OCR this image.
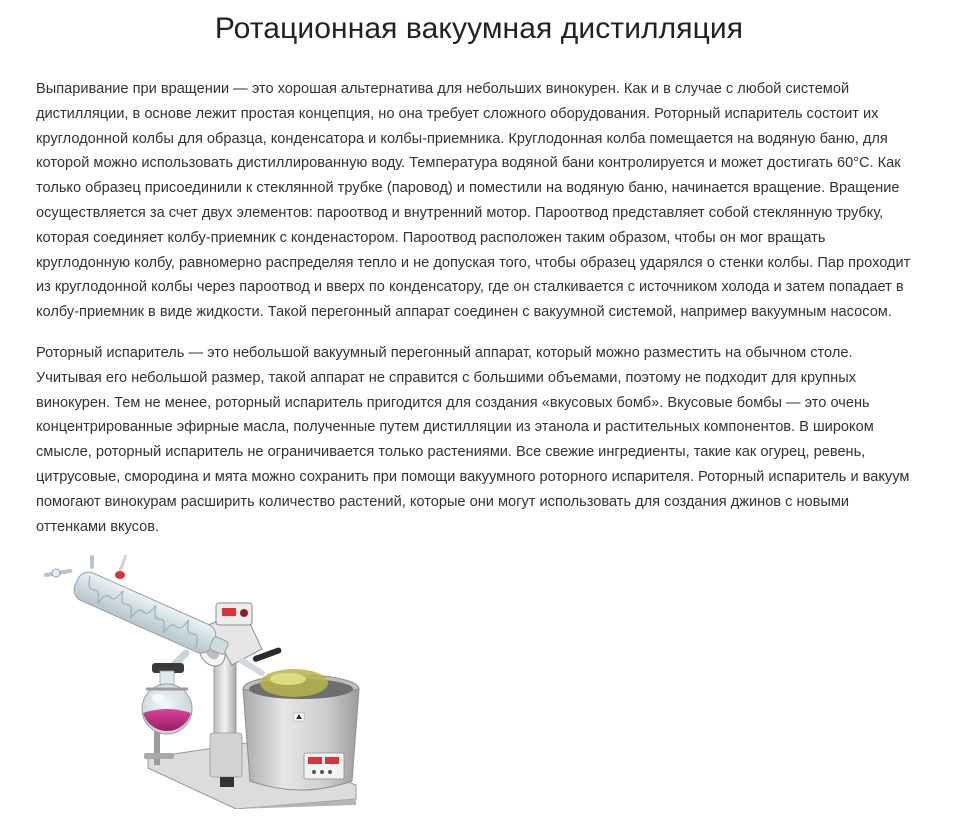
Ротационная вакуумная дистилляция

Выпаривание при вращении — это хорошая альтернатива для небольших винокурен. Как и в случае с любой системой дистилляции, в основе лежит простая концепция, но она требует сложного оборудования. Роторный испаритель состоит их круглодонной колбы для образца, конденсатора и колбы-приемника. Круглодонная колба помещается на водяную баню, для которой можно использовать дистиллированную воду. Температура водяной бани контролируется и может достигать 60°С. Как только образец присоединили к стеклянной трубке (паровод) и поместили на водяную баню, начинается вращение. Вращение осуществляется за счет двух элементов: пароотвод и внутренний мотор. Пароотвод представляет собой стеклянную трубку, которая соединяет колбу-приемник с конденастором. Пароотвод расположен таким образом, чтобы он мог вращать круглодонную колбу, равномерно распределяя тепло и не допуская того, чтобы образец ударялся о стенки колбы. Пар проходит из круглодонной колбы через пароотвод и вверх по конденсатору, где он сталкивается с источником холода и затем попадает в колбу-приемник в виде жидкости. Такой перегонный аппарат соединен с вакуумной системой, например вакуумным насосом.

Роторный испаритель — это небольшой вакуумный перегонный аппарат, который можно разместить на обычном столе. Учитывая его небольшой размер, такой аппарат не справится с большими объемами, поэтому не подходит для крупных винокурен. Тем не менее, роторный испаритель пригодится для создания «вкусовых бомб». Вкусовые бомбы — это очень концентрированные эфирные масла, полученные путем дистилляции из этанола и растительных компонентов. В широком смысле, роторный испаритель не ограничивается только растениями. Все свежие ингредиенты, такие как огурец, ревень, цитрусовые, смородина и мята можно сохранить при помощи вакуумного роторного испарителя. Роторный испаритель и вакуум помогают винокурам расширить количество растений, которые они могут использовать для создания джинов с новыми оттенками вкусов.
